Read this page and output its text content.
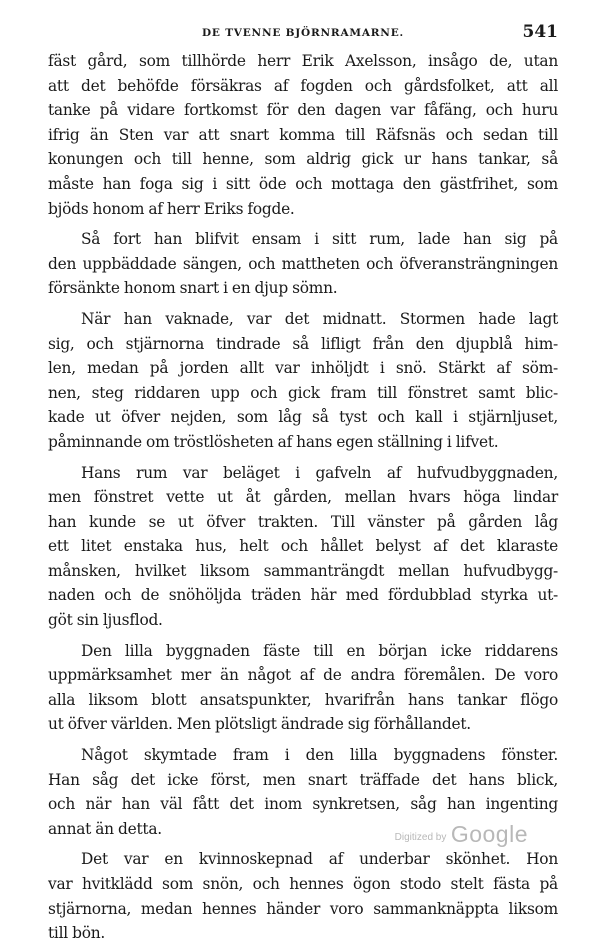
DE TVENNE BJÖRNRAMARNE.	541
fäst gård, som tillhörde herr Erik Axelsson, insågo de, utan
att det behöfde försäkras af fogden och gårdsfolket, att all
tanke på vidare fortkomst för den dagen var fåfäng, och huru
ifrig än Sten var att snart komma till Räfsnäs och sedan till
konungen och till henne, som aldrig gick ur hans tankar, så
måste han foga sig i sitt öde och mottaga den gästfrihet, som
bjöds honom af herr Eriks fogde.
Så fort han blifvit ensam i sitt rum, lade han sig på
den uppbäddade sängen, och mattheten och öfveransträngningen
försänkte honom snart i en djup sömn.
När han vaknade, var det midnatt. Stormen hade lagt
sig, och stjärnorna tindrade så lifligt från den djupblå him-
len, medan på jorden allt var inhöljdt i snö. Stärkt af söm-
nen, steg riddaren upp och gick fram till fönstret samt blic-
kade ut öfver nejden, som låg så tyst och kall i stjärnljuset,
påminnande om tröstlösheten af hans egen ställning i lifvet.
Hans rum var beläget i gafveln af hufvudbyggnaden,
men fönstret vette ut åt gården, mellan hvars höga lindar
han kunde se ut öfver trakten. Till vänster på gården låg
ett litet enstaka hus, helt och hållet belyst af det klaraste
månsken, hvilket liksom sammanträngdt mellan hufvudbygg-
naden och de snöhöljda träden här med fördubblad styrka ut-
göt sin ljusflod.
Den lilla byggnaden fäste till en början icke riddarens
uppmärksamhet mer än något af de andra föremålen. De voro
alla liksom blott ansatspunkter, hvarifrån hans tankar flögo
ut öfver världen. Men plötsligt ändrade sig förhållandet.
Något skymtade fram i den lilla byggnadens fönster.
Han såg det icke först, men snart träffade det hans blick,
och när han väl fått det inom synkretsen, såg han ingenting
annat än detta.
Det var en kvinnoskepnad af underbar skönhet. Hon
var hvitklädd som snön, och hennes ögon stodo stelt fästa på
stjärnorna, medan hennes händer voro sammanknäppta liksom
till bön.
Digitized by Google
